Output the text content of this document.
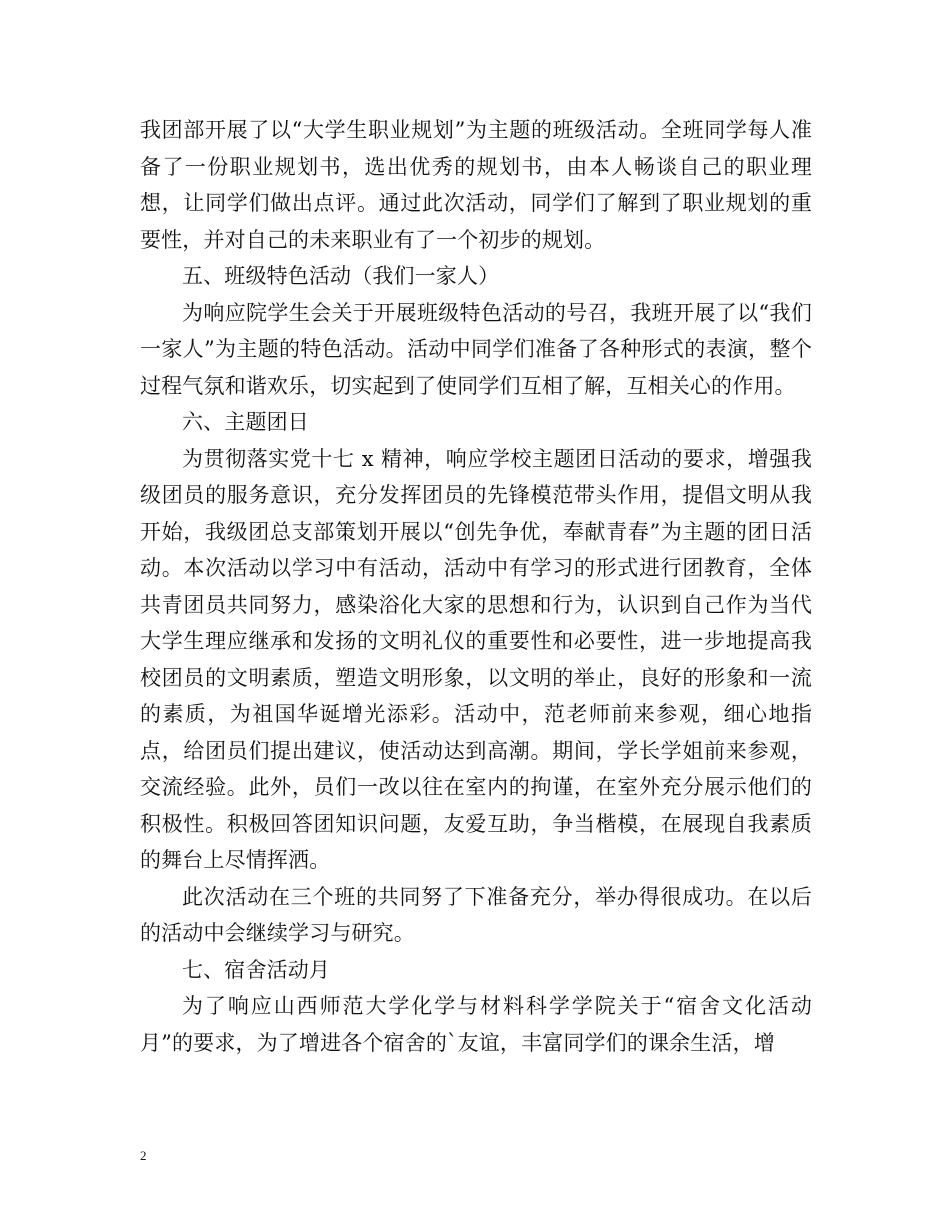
我团部开展了以“大学生职业规划”为主题的班级活动。全班同学每人准备了一份职业规划书，选出优秀的规划书，由本人畅谈自己的职业理想，让同学们做出点评。通过此次活动，同学们了解到了职业规划的重要性，并对自己的未来职业有了一个初步的规划。

五、班级特色活动（我们一家人）

为响应院学生会关于开展班级特色活动的号召，我班开展了以“我们一家人”为主题的特色活动。活动中同学们准备了各种形式的表演，整个过程气氛和谐欢乐，切实起到了使同学们互相了解，互相关心的作用。

六、主题团日

为贯彻落实党十七 x 精神，响应学校主题团日活动的要求，增强我级团员的服务意识，充分发挥团员的先锋模范带头作用，提倡文明从我开始，我级团总支部策划开展以“创先争优，奉献青春”为主题的团日活动。本次活动以学习中有活动，活动中有学习的形式进行团教育，全体共青团员共同努力，感染浴化大家的思想和行为，认识到自己作为当代大学生理应继承和发扬的文明礼仪的重要性和必要性，进一步地提高我校团员的文明素质，塑造文明形象，以文明的举止，良好的形象和一流的素质，为祖国华诞增光添彩。活动中，范老师前来参观，细心地指点，给团员们提出建议，使活动达到高潮。期间，学长学姐前来参观，交流经验。此外，员们一改以往在室内的拘谨，在室外充分展示他们的积极性。积极回答团知识问题，友爱互助，争当楷模，在展现自我素质的舞台上尽情挥洒。

此次活动在三个班的共同努了下准备充分，举办得很成功。在以后的活动中会继续学习与研究。

七、宿舍活动月

为了响应山西师范大学化学与材料科学学院关于“宿舍文化活动月”的要求，为了增进各个宿舍的`友谊，丰富同学们的课余生活，增

2
